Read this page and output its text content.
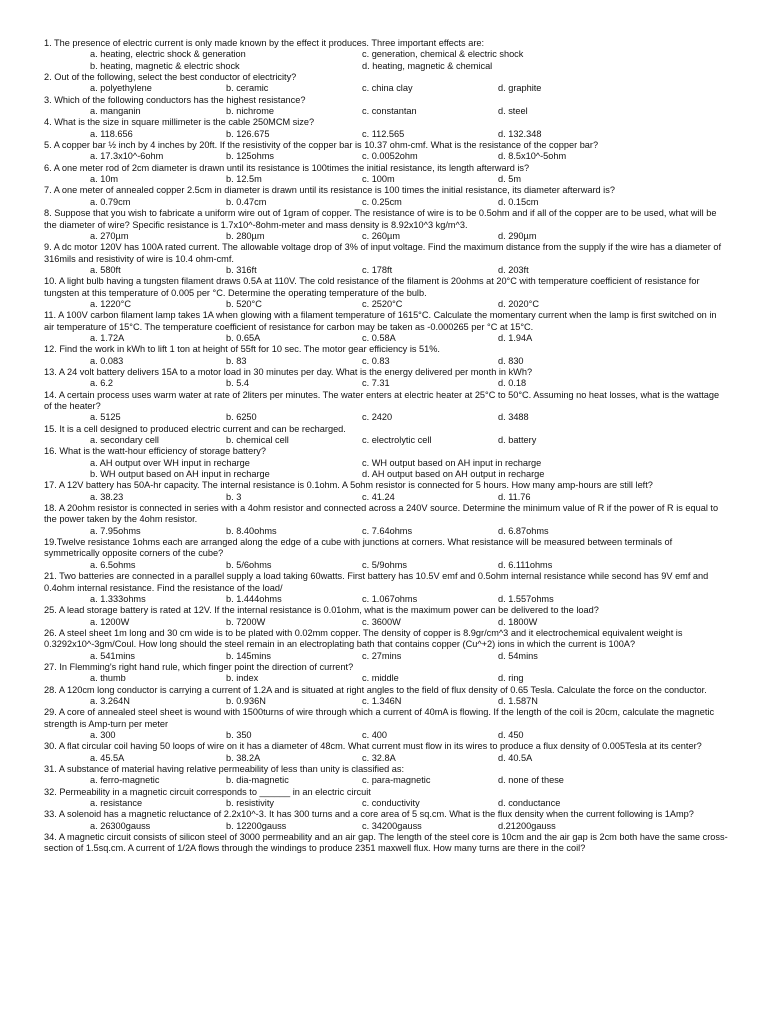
1. The presence of electric current is only made known by the effect it produces. Three important effects are:
a. heating, electric shock & generation	c. generation, chemical & electric shock
b. heating, magnetic & electric shock	d. heating, magnetic & chemical
2. Out of the following, select the best conductor of electricity?
a. polyethylene	b. ceramic	c. china clay	d. graphite
3. Which of the following conductors has the highest resistance?
a. manganin	b. nichrome	c. constantan	d. steel
4. What is the size in square millimeter is the cable 250MCM size?
a. 118.656	b. 126.675	c. 112.565	d. 132.348
5. A copper bar ½ inch by 4 inches by 20ft. If the resistivity of the copper bar is 10.37 ohm-cmf. What is the resistance of the copper bar?
a. 17.3x10^-6ohm	b. 125ohms	c. 0.0052ohm	d. 8.5x10^-5ohm
6. A one meter rod of 2cm diameter is drawn until its resistance is 100times the initial resistance, its length afterward is?
a. 10m	b. 12.5m	c. 100m	d. 5m
7. A one meter of annealed copper 2.5cm in diameter is drawn until its resistance is 100 times the initial resistance, its diameter afterward is?
a. 0.79cm	b. 0.47cm	c. 0.25cm	d. 0.15cm
8. Suppose that you wish to fabricate a uniform wire out of 1gram of copper. The resistance of wire is to be 0.5ohm and if all of the copper are to be used, what will be the diameter of wire? Specific resistance is 1.7x10^-8ohm-meter and mass density is 8.92x10^3 kg/m^3.
a. 270µm	b. 280µm	c. 260µm	d. 290µm
9. A dc motor 120V has 100A rated current. The allowable voltage drop of 3% of input voltage. Find the maximum distance from the supply if the wire has a diameter of 316mils and resistivity of wire is 10.4 ohm-cmf.
a. 580ft	b. 316ft	c. 178ft	d. 203ft
10. A light bulb having a tungsten filament draws 0.5A at 110V. The cold resistance of the filament is 20ohms at 20°C with temperature coefficient of resistance for tungsten at this temperature of 0.005 per °C. Determine the operating temperature of the bulb.
a. 1220°C	b. 520°C	c. 2520°C	d. 2020°C
11. A 100V carbon filament lamp takes 1A when glowing with a filament temperature of 1615°C. Calculate the momentary current when the lamp is first switched on in air temperature of 15°C. The temperature coefficient of resistance for carbon may be taken as -0.000265 per °C at 15°C.
a. 1.72A	b. 0.65A	c. 0.58A	d. 1.94A
12. Find the work in kWh to lift 1 ton at height of 55ft for 10 sec. The motor gear efficiency is 51%.
a. 0.083	b. 83	c. 0.83	d. 830
13. A 24 volt battery delivers 15A to a motor load in 30 minutes per day. What is the energy delivered per month in kWh?
a. 6.2	b. 5.4	c. 7.31	d. 0.18
14. A certain process uses warm water at rate of 2liters per minutes. The water enters at electric heater at 25°C to 50°C. Assuming no heat losses, what is the wattage of the heater?
a. 5125	b. 6250	c. 2420	d. 3488
15. It is a cell designed to produced electric current and can be recharged.
a. secondary cell	b. chemical cell	c. electrolytic cell	d. battery
16. What is the watt-hour efficiency of storage battery?
a. AH output over WH input in recharge	c. WH output based on AH input in recharge
b. WH output based on AH input in recharge	d. AH output based on AH output in recharge
17. A 12V battery has 50A-hr capacity. The internal resistance is 0.1ohm. A 5ohm resistor is connected for 5 hours. How many amp-hours are still left?
a. 38.23	b. 3	c. 41.24	d. 11.76
18. A 20ohm resistor is connected in series with a 4ohm resistor and connected across a 240V source. Determine the minimum value of R if the power of R is equal to the power taken by the 4ohm resistor.
a. 7.95ohms	b. 8.40ohms	c. 7.64ohms	d. 6.87ohms
19.Twelve resistance 1ohms each are arranged along the edge of a cube with junctions at corners. What resistance will be measured between terminals of symmetrically opposite corners of the cube?
a. 6.5ohms	b. 5/6ohms	c. 5/9ohms	d. 6.111ohms
21. Two batteries are connected in a parallel supply a load taking 60watts. First battery has 10.5V emf and 0.5ohm internal resistance while second has 9V emf and 0.4ohm internal resistance. Find the resistance of the load/
a. 1.333ohms	b. 1.444ohms	c. 1.067ohms	d. 1.557ohms
25. A lead storage battery is rated at 12V. If the internal resistance is 0.01ohm, what is the maximum power can be delivered to the load?
a. 1200W	b. 7200W	c. 3600W	d. 1800W
26. A steel sheet 1m long and 30 cm wide is to be plated with 0.02mm copper. The density of copper is 8.9gr/cm^3 and it electrochemical equivalent weight is 0.3292x10^-3gm/Coul. How long should the steel remain in an electroplating bath that contains copper (Cu^+2) ions in which the current is 100A?
a. 541mins	b. 145mins	c. 27mins	d. 54mins
27. In Flemming's right hand rule, which finger point the direction of current?
a. thumb	b. index	c. middle	d. ring
28. A 120cm long conductor is carrying a current of 1.2A and is situated at right angles to the field of flux density of 0.65 Tesla. Calculate the force on the conductor.
a. 3.264N	b. 0.936N	c. 1.346N	d. 1.587N
29. A core of annealed steel sheet is wound with 1500turns of wire through which a current of 40mA is flowing. If the length of the coil is 20cm, calculate the magnetic strength is Amp-turn per meter
a. 300	b. 350	c. 400	d. 450
30. A flat circular coil having 50 loops of wire on it has a diameter of 48cm. What current must flow in its wires to produce a flux density of 0.005Tesla at its center?
a. 45.5A	b. 38.2A	c. 32.8A	d. 40.5A
31. A substance of material having relative permeability of less than unity is classified as:
a. ferro-magnetic	b. dia-magnetic	c. para-magnetic	d. none of these
32. Permeability in a magnetic circuit corresponds to ______ in an electric circuit
a. resistance	b. resistivity	c. conductivity	d. conductance
33. A solenoid has a magnetic reluctance of 2.2x10^-3. It has 300 turns and a core area of 5 sq.cm. What is the flux density when the current following is 1Amp?
a. 26300gauss	b. 12200gauss	c. 34200gauss	d.21200gauss
34. A magnetic circuit consists of silicon steel of 3000 permeability and an air gap. The length of the steel core is 10cm and the air gap is 2cm both have the same cross-section of 1.5sq.cm. A current of 1/2A flows through the windings to produce 2351 maxwell flux. How many turns are there in the coil?
